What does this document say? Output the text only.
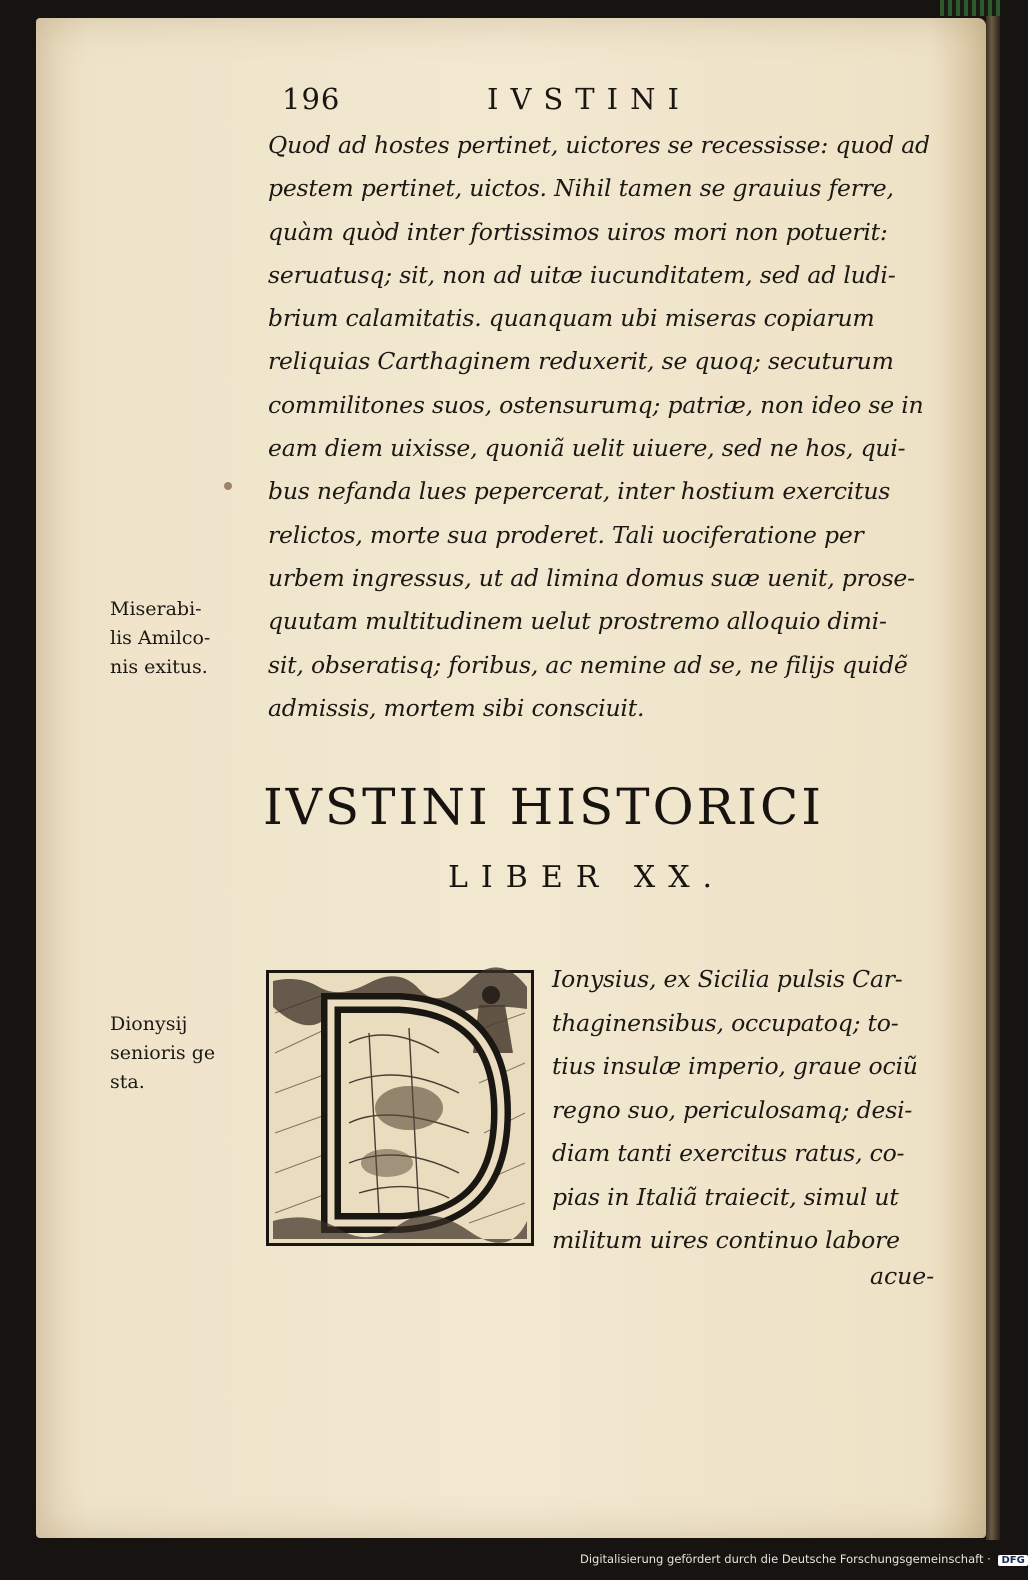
196	IVSTINI
Quod ad hostes pertinet, uictores se recessisse: quod ad
pestem pertinet, uictos. Nihil tamen se grauius ferre,
quàm quòd inter fortissimos uiros mori non potuerit:
seruatusq; sit, non ad uitæ iucunditatem, sed ad ludi-
brium calamitatis. quanquam ubi miseras copiarum
reliquias Carthaginem reduxerit, se quoq; secuturum
commilitones suos, ostensurumq; patriæ, non ideo se in
eam diem uixisse, quoniã uelit uiuere, sed ne hos, qui-
bus nefanda lues pepercerat, inter hostium exercitus
relictos, morte sua proderet. Tali uociferatione per
urbem ingressus, ut ad limina domus suæ uenit, prose-
quutam multitudinem uelut prostremo alloquio dimi-
sit, obseratisq; foribus, ac nemine ad se, ne filijs quidẽ
admissis, mortem sibi consciuit.
Miserabi-
lis Amilco-
nis exitus.
IVSTINI HISTORICI
LIBER XX.
Dionysij
senioris ge
sta.
Ionysius, ex Sicilia pulsis Car-
thaginensibus, occupatoq; to-
tius insulæ imperio, graue ociũ
regno suo, periculosamq; desi-
diam tanti exercitus ratus, co-
pias in Italiã traiecit, simul ut
militum uires continuo labore
acue-
Digitalisierung gefördert durch die Deutsche Forschungsgemeinschaft · DFG
